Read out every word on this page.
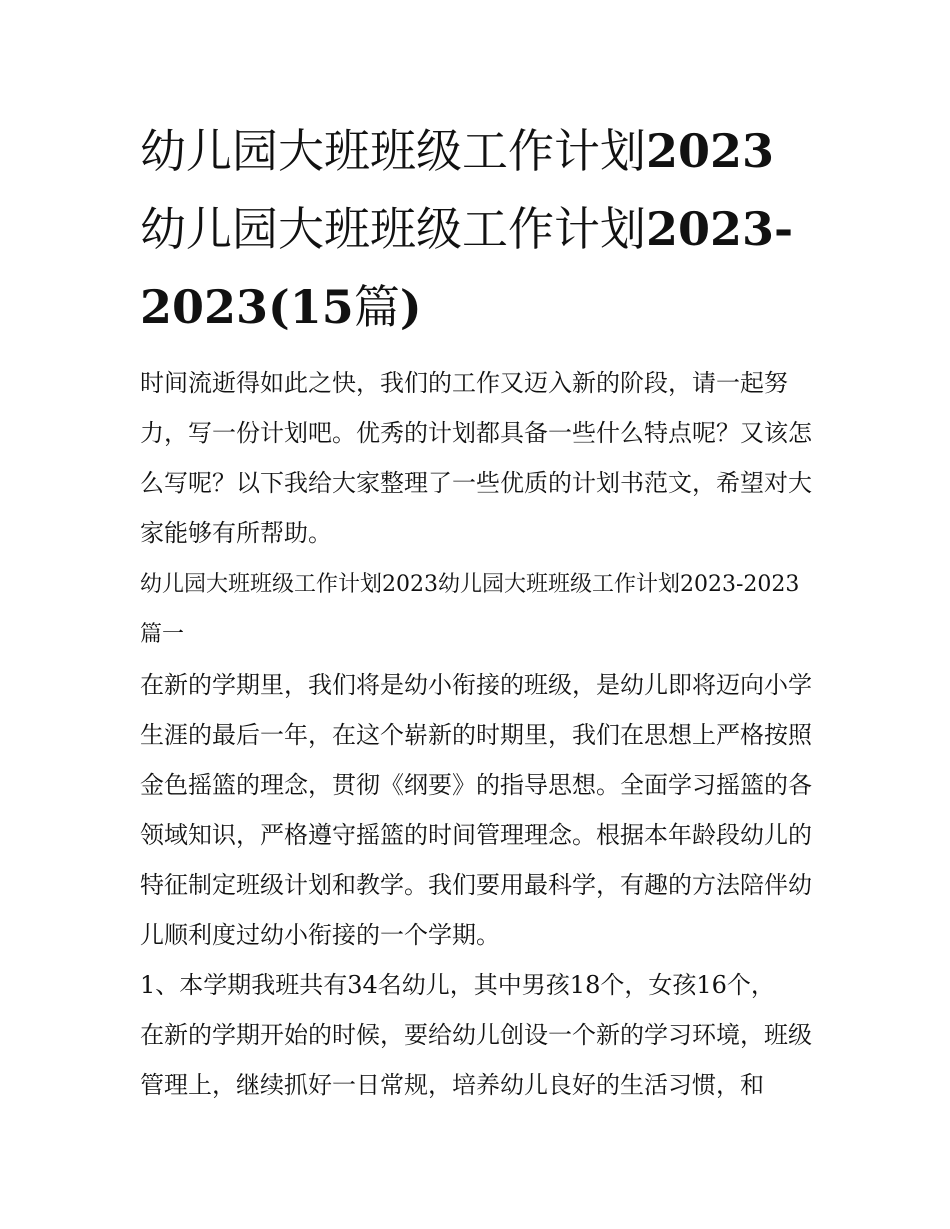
幼儿园大班班级工作计划2023幼儿园大班班级工作计划2023-2023(15篇)

时间流逝得如此之快，我们的工作又迈入新的阶段，请一起努力，写一份计划吧。优秀的计划都具备一些什么特点呢？又该怎么写呢？以下我给大家整理了一些优质的计划书范文，希望对大家能够有所帮助。

幼儿园大班班级工作计划2023幼儿园大班班级工作计划2023-2023篇一

在新的学期里，我们将是幼小衔接的班级，是幼儿即将迈向小学生涯的最后一年，在这个崭新的时期里，我们在思想上严格按照金色摇篮的理念，贯彻《纲要》的指导思想。全面学习摇篮的各领域知识，严格遵守摇篮的时间管理理念。根据本年龄段幼儿的特征制定班级计划和教学。我们要用最科学，有趣的方法陪伴幼儿顺利度过幼小衔接的一个学期。

1、本学期我班共有34名幼儿，其中男孩18个，女孩16个，

在新的学期开始的时候，要给幼儿创设一个新的学习环境，班级管理上，继续抓好一日常规，培养幼儿良好的生活习惯，和
